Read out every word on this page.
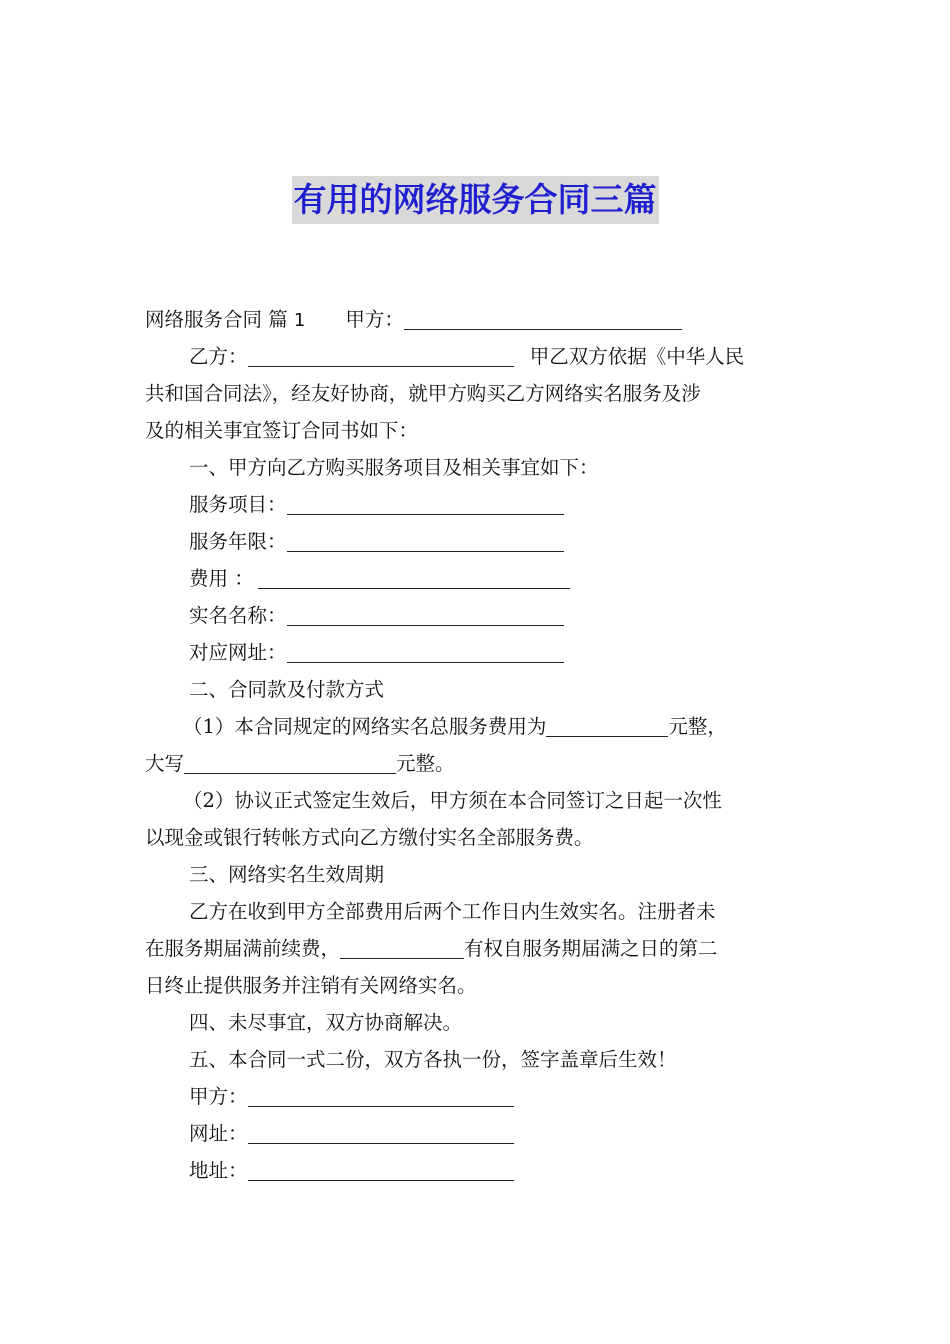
有用的网络服务合同三篇
网络服务合同 篇 1 甲方：
乙方：	甲乙双方依据《中华人民
共和国合同法》，经友好协商，就甲方购买乙方网络实名服务及涉
及的相关事宜签订合同书如下：
一、甲方向乙方购买服务项目及相关事宜如下：
服务项目：
服务年限：
费用 ：
实名名称：
对应网址：
二、合同款及付款方式
（1）本合同规定的网络实名总服务费用为	元整，
大写	元整。
（2）协议正式签定生效后，甲方须在本合同签订之日起一次性
以现金或银行转帐方式向乙方缴付实名全部服务费。
三、网络实名生效周期
乙方在收到甲方全部费用后两个工作日内生效实名。注册者未
在服务期届满前续费，	有权自服务期届满之日的第二
日终止提供服务并注销有关网络实名。
四、未尽事宜，双方协商解决。
五、本合同一式二份，双方各执一份，签字盖章后生效！
甲方：
网址：
地址：
